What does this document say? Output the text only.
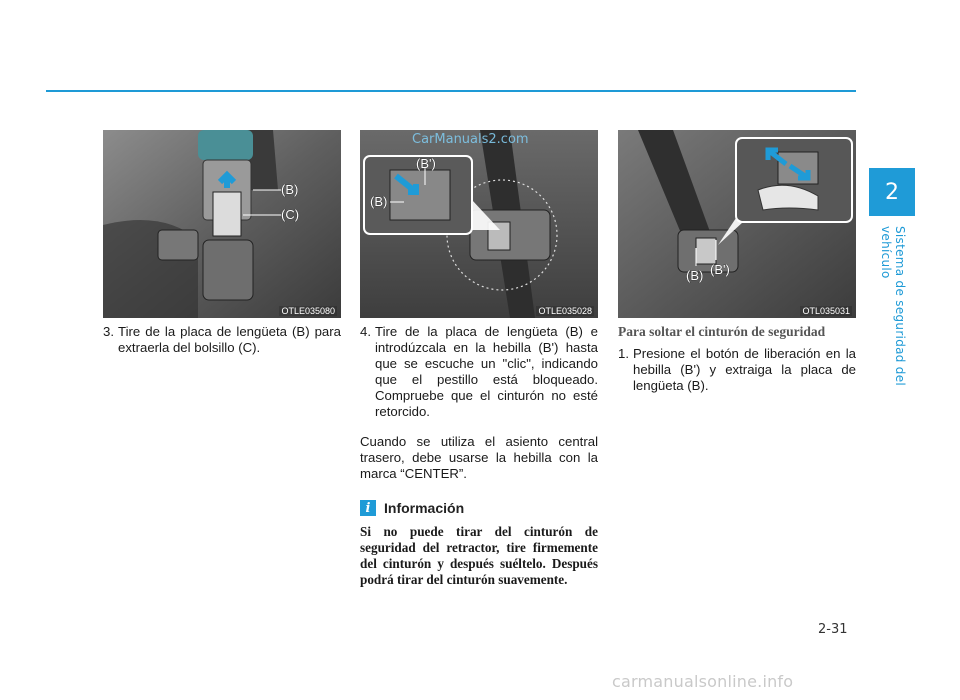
2
Sistema de seguridad del vehículo
(B)
(C)
OTLE035080
3. Tire de la placa de lengüeta (B) para extraerla del bolsillo (C).
(B')
(B)
CarManuals2.com
OTLE035028
4. Tire de la placa de lengüeta (B) e introdúzcala en la hebilla (B') hasta que se escuche un "clic", indicando que el pestillo está bloqueado. Compruebe que el cinturón no esté retorcido.

Cuando se utiliza el asiento central trasero, debe usarse la hebilla con la marca “CENTER”.

i Información
Si no puede tirar del cinturón de seguridad del retractor, tire firmemente del cinturón y después suéltelo. Después podrá tirar del cinturón suavemente.
(B) (B')
OTL035031
Para soltar el cinturón de seguridad
1. Presione el botón de liberación en la hebilla (B') y extraiga la placa de lengüeta (B).
2-31
carmanualsonline.info
